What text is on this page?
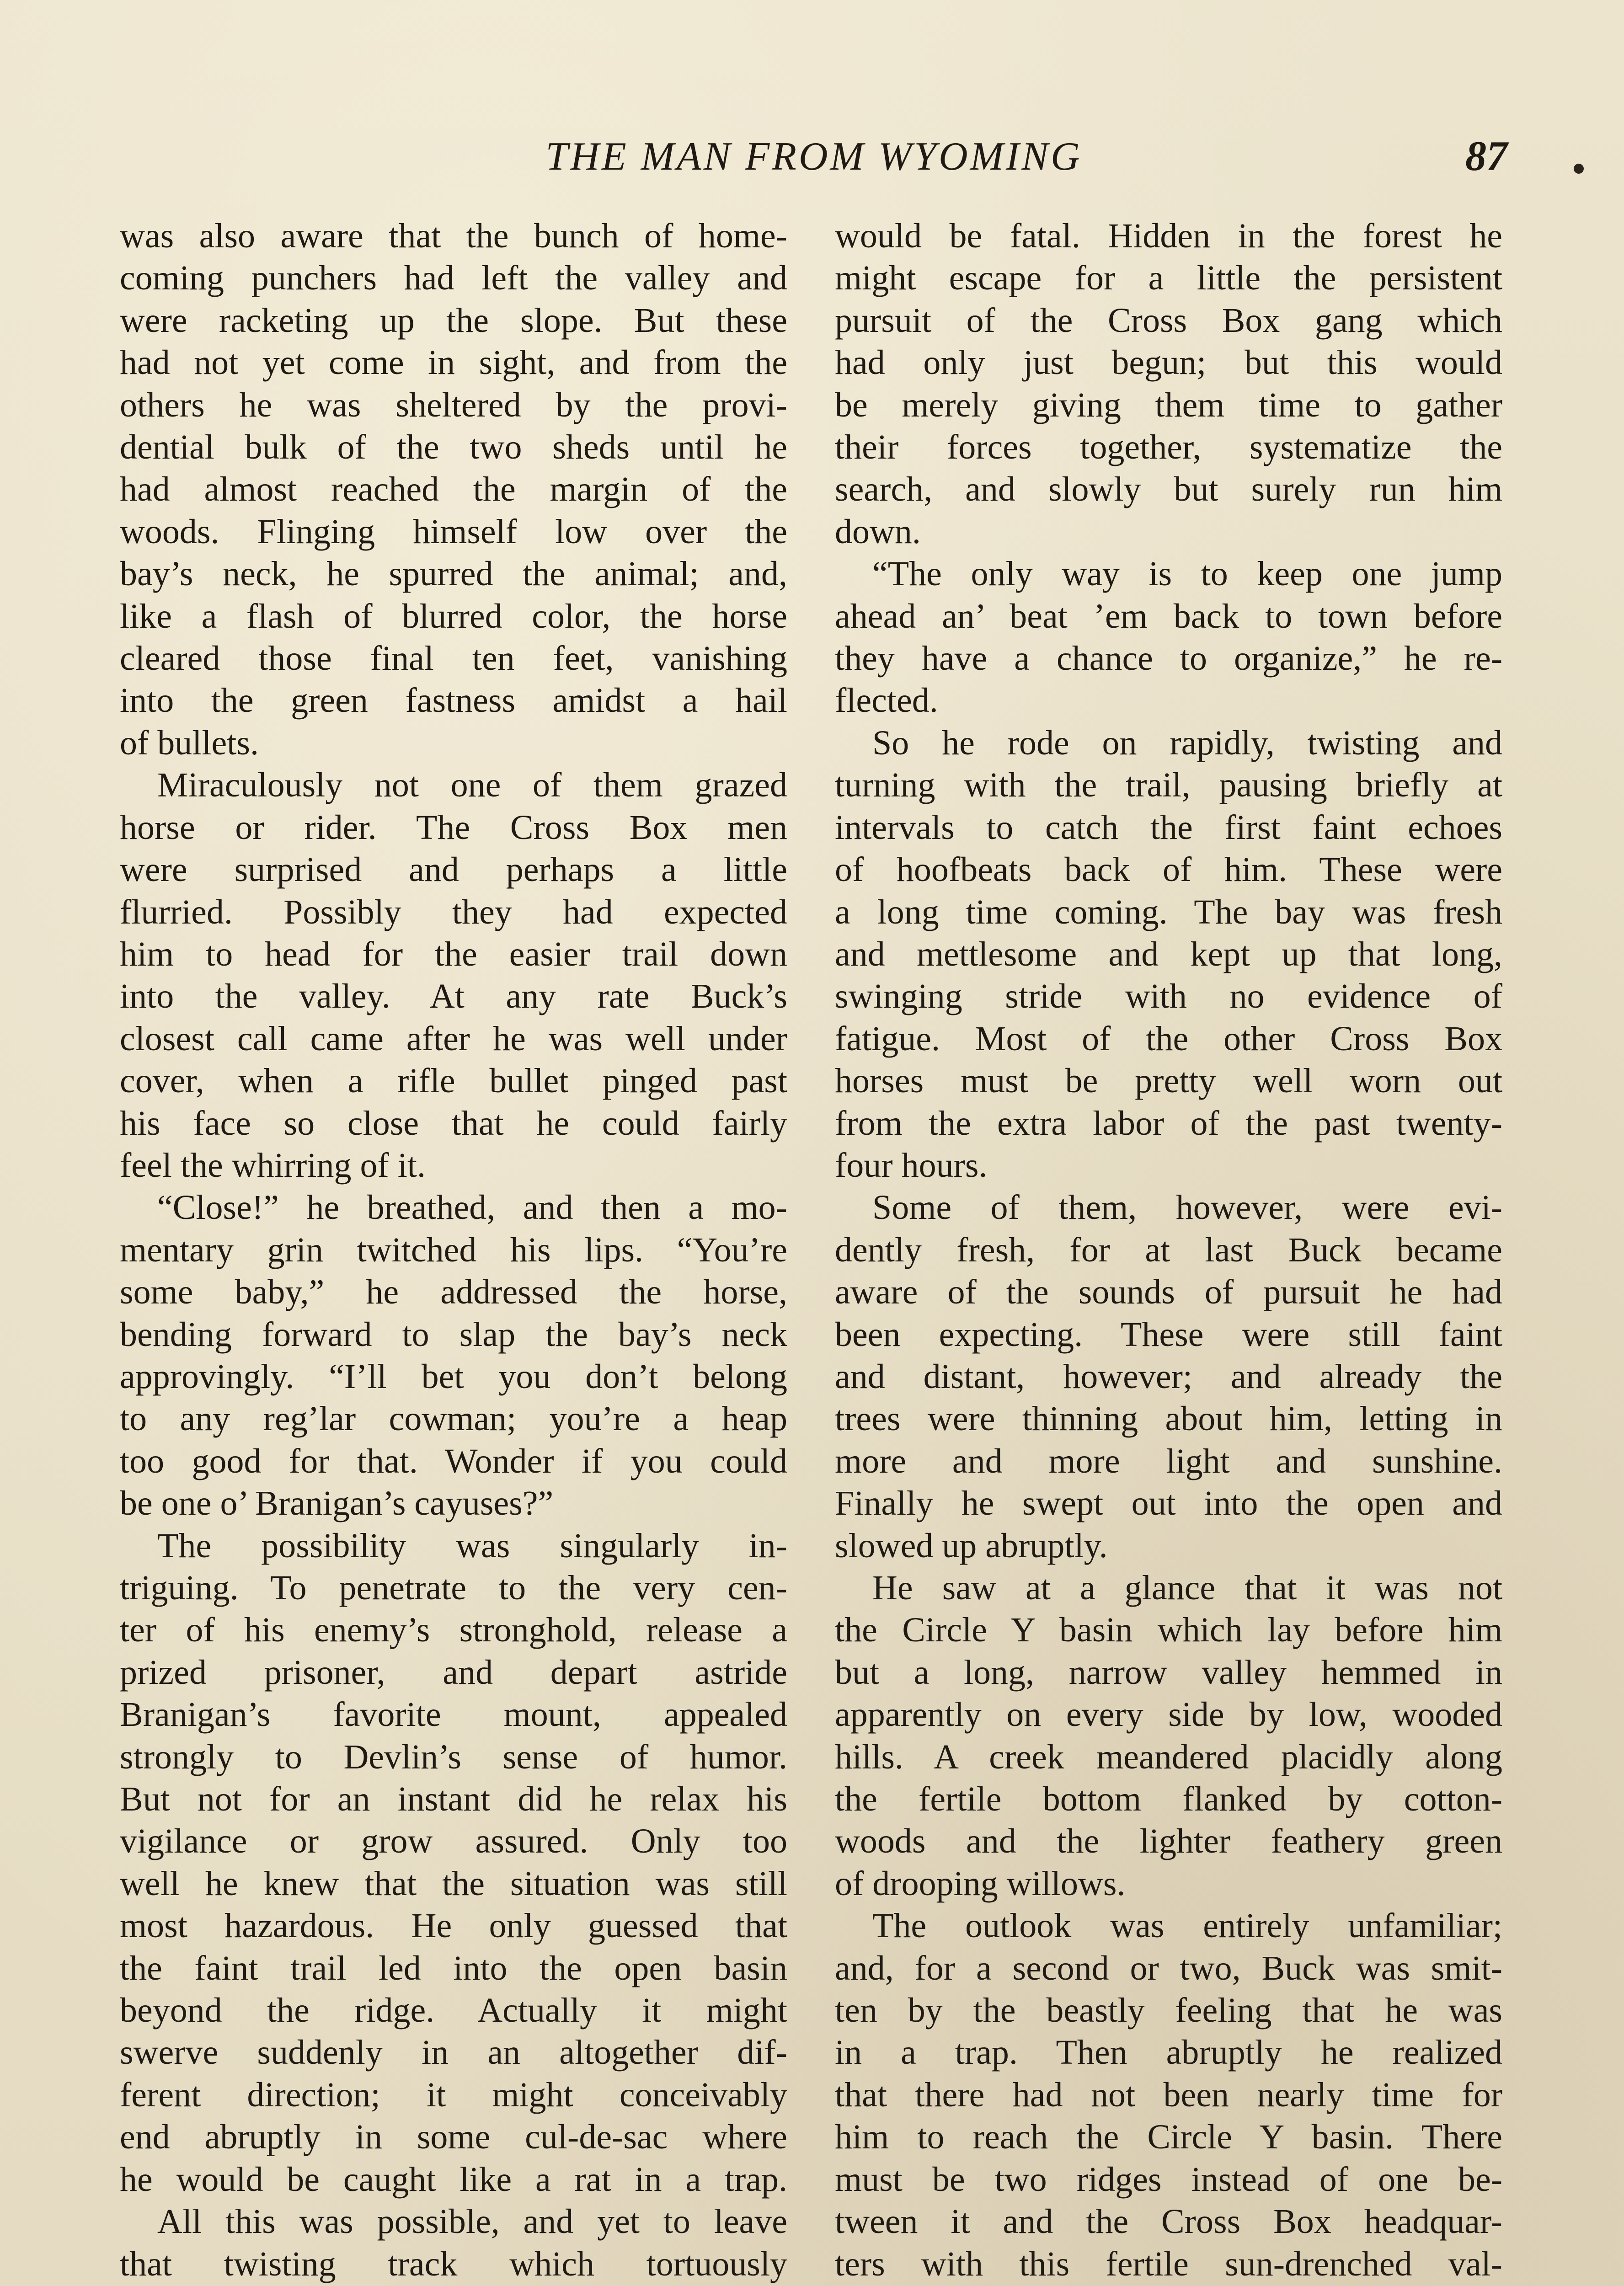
THE MAN FROM WYOMING	87

was also aware that the bunch of home-

coming punchers had left the valley and

were racketing up the slope. But these

had not yet come in sight, and from the

others he was sheltered by the provi-

dential bulk of the two sheds until he

had almost reached the margin of the

woods. Flinging himself low over the

bay’s neck, he spurred the animal; and,

like a flash of blurred color, the horse

cleared those final ten feet, vanishing

into the green fastness amidst a hail

of bullets.

Miraculously not one of them grazed

horse or rider. The Cross Box men

were surprised and perhaps a little

flurried. Possibly they had expected

him to head for the easier trail down

into the valley. At any rate Buck’s

closest call came after he was well under

cover, when a rifle bullet pinged past

his face so close that he could fairly

feel the whirring of it.

“Close!” he breathed, and then a mo-

mentary grin twitched his lips. “You’re

some baby,” he addressed the horse,

bending forward to slap the bay’s neck

approvingly. “I’ll bet you don’t belong

to any reg’lar cowman; you’re a heap

too good for that. Wonder if you could

be one o’ Branigan’s cayuses?”

The possibility was singularly in-

triguing. To penetrate to the very cen-

ter of his enemy’s stronghold, release a

prized prisoner, and depart astride

Branigan’s favorite mount, appealed

strongly to Devlin’s sense of humor.

But not for an instant did he relax his

vigilance or grow assured. Only too

well he knew that the situation was still

most hazardous. He only guessed that

the faint trail led into the open basin

beyond the ridge. Actually it might

swerve suddenly in an altogether dif-

ferent direction; it might conceivably

end abruptly in some cul-de-sac where

he would be caught like a rat in a trap.

All this was possible, and yet to leave

that twisting track which tortuously

would be fatal. Hidden in the forest he

might escape for a little the persistent

pursuit of the Cross Box gang which

had only just begun; but this would

be merely giving them time to gather

their forces together, systematize the

search, and slowly but surely run him

down.

“The only way is to keep one jump

ahead an’ beat ’em back to town before

they have a chance to organize,” he re-

flected.

So he rode on rapidly, twisting and

turning with the trail, pausing briefly at

intervals to catch the first faint echoes

of hoofbeats back of him. These were

a long time coming. The bay was fresh

and mettlesome and kept up that long,

swinging stride with no evidence of

fatigue. Most of the other Cross Box

horses must be pretty well worn out

from the extra labor of the past twenty-

four hours.

Some of them, however, were evi-

dently fresh, for at last Buck became

aware of the sounds of pursuit he had

been expecting. These were still faint

and distant, however; and already the

trees were thinning about him, letting in

more and more light and sunshine.

Finally he swept out into the open and

slowed up abruptly.

He saw at a glance that it was not

the Circle Y basin which lay before him

but a long, narrow valley hemmed in

apparently on every side by low, wooded

hills. A creek meandered placidly along

the fertile bottom flanked by cotton-

woods and the lighter feathery green

of drooping willows.

The outlook was entirely unfamiliar;

and, for a second or two, Buck was smit-

ten by the beastly feeling that he was

in a trap. Then abruptly he realized

that there had not been nearly time for

him to reach the Circle Y basin. There

must be two ridges instead of one be-

tween it and the Cross Box headquar-

ters with this fertile sun-drenched val-
